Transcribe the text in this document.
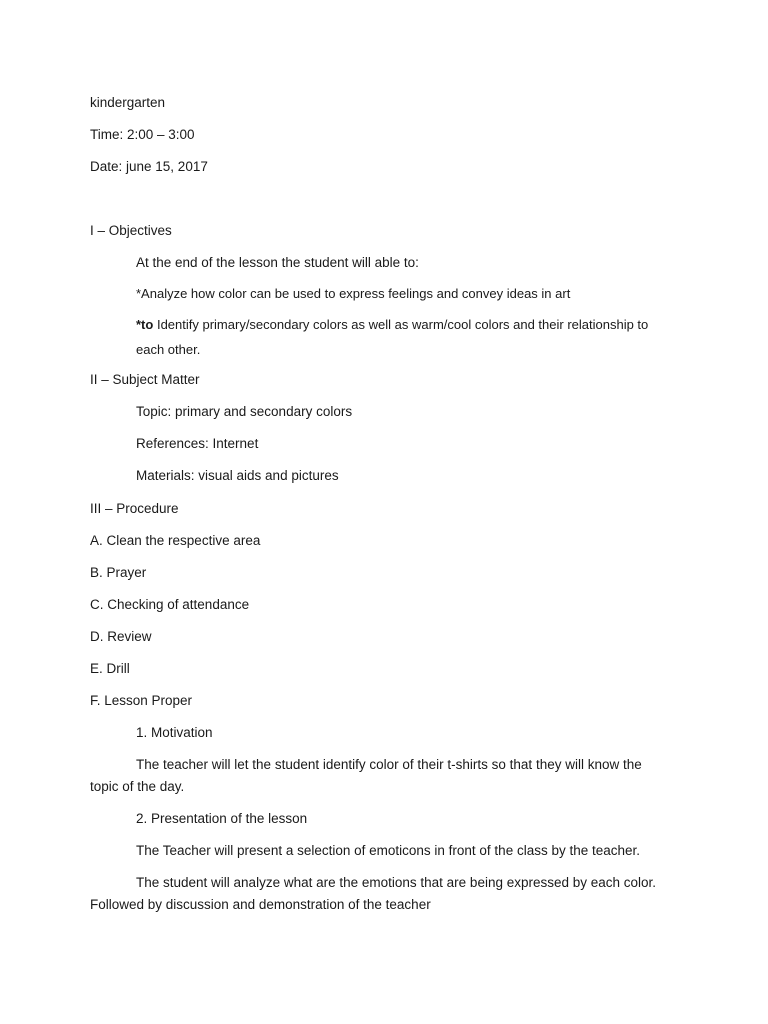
kindergarten
Time: 2:00 – 3:00
Date: june 15, 2017
I – Objectives
At the end of the lesson the student will able to:
*Analyze how color can be used to express feelings and convey ideas in art
*to Identify primary/secondary colors as well as warm/cool colors and their relationship to
each other.
II – Subject Matter
Topic: primary and secondary colors
References: Internet
Materials: visual aids and pictures
III – Procedure
A. Clean the respective area
B. Prayer
C. Checking of attendance
D. Review
E. Drill
F. Lesson Proper
1. Motivation
The teacher will let the student identify color of their t-shirts so that they will know the
topic of the day.
2. Presentation of the lesson
The Teacher will present a selection of emoticons in front of the class by the teacher.
The student will analyze what are the emotions that are being expressed by each color.
Followed by discussion and demonstration of the teacher
